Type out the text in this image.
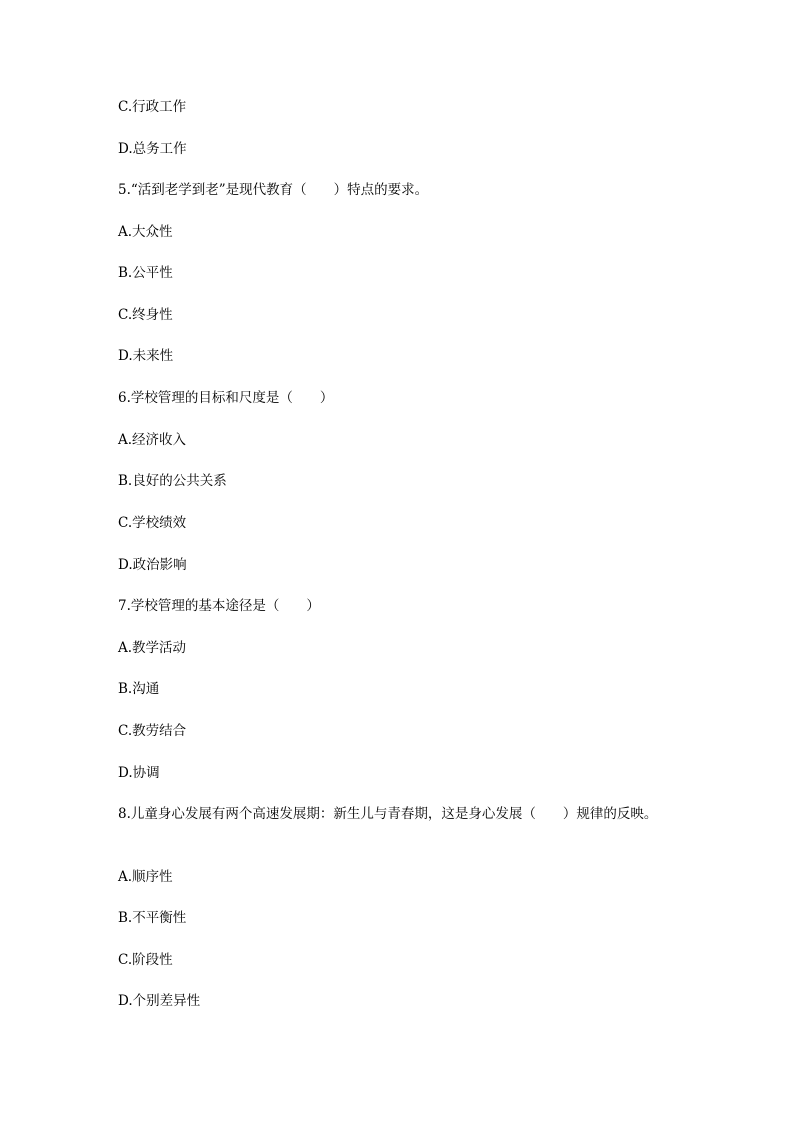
C.行政工作
D.总务工作
5.“活到老学到老”是现代教育（　　）特点的要求。
A.大众性
B.公平性
C.终身性
D.未来性
6.学校管理的目标和尺度是（　　）
A.经济收入
B.良好的公共关系
C.学校绩效
D.政治影响
7.学校管理的基本途径是（　　）
A.教学活动
B.沟通
C.教劳结合
D.协调
8.儿童身心发展有两个高速发展期：新生儿与青春期，这是身心发展（　　）规律的反映。
A.顺序性
B.不平衡性
C.阶段性
D.个别差异性
